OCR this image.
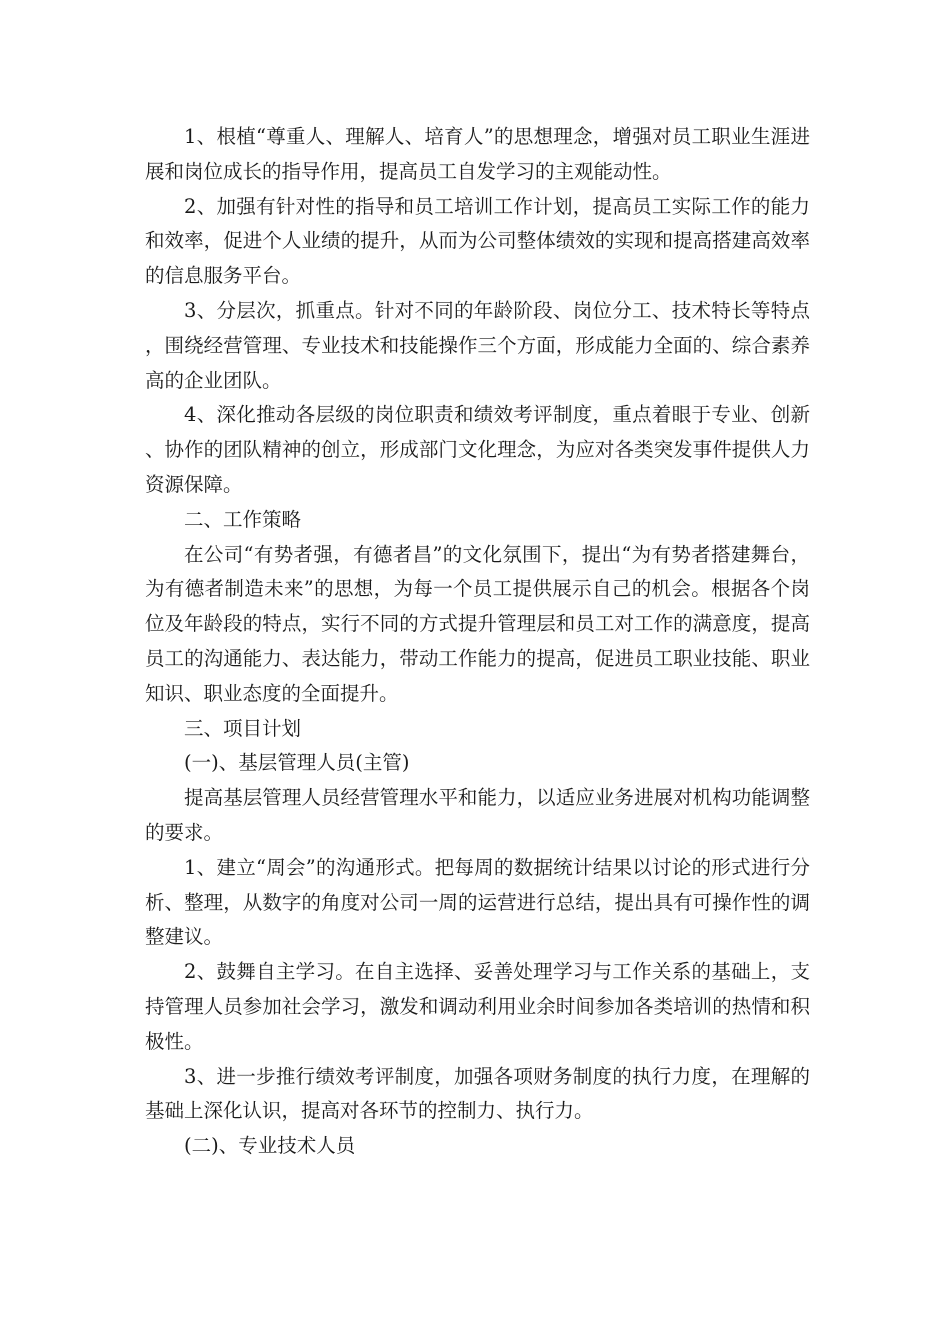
1、根植“尊重人、理解人、培育人”的思想理念，增强对员工职业生涯进展和岗位成长的指导作用，提高员工自发学习的主观能动性。

2、加强有针对性的指导和员工培训工作计划，提高员工实际工作的能力和效率，促进个人业绩的提升，从而为公司整体绩效的实现和提高搭建高效率的信息服务平台。

3、分层次，抓重点。针对不同的年龄阶段、岗位分工、技术特长等特点，围绕经营管理、专业技术和技能操作三个方面，形成能力全面的、综合素养高的企业团队。

4、深化推动各层级的岗位职责和绩效考评制度，重点着眼于专业、创新、协作的团队精神的创立，形成部门文化理念，为应对各类突发事件提供人力资源保障。

二、工作策略

在公司“有势者强，有德者昌”的文化氛围下，提出“为有势者搭建舞台，为有德者制造未来”的思想，为每一个员工提供展示自己的机会。根据各个岗位及年龄段的特点，实行不同的方式提升管理层和员工对工作的满意度，提高员工的沟通能力、表达能力，带动工作能力的提高，促进员工职业技能、职业知识、职业态度的全面提升。

三、项目计划

(一)、基层管理人员(主管)

提高基层管理人员经营管理水平和能力，以适应业务进展对机构功能调整的要求。

1、建立“周会”的沟通形式。把每周的数据统计结果以讨论的形式进行分析、整理，从数字的角度对公司一周的运营进行总结，提出具有可操作性的调整建议。

2、鼓舞自主学习。在自主选择、妥善处理学习与工作关系的基础上，支持管理人员参加社会学习，激发和调动利用业余时间参加各类培训的热情和积极性。

3、进一步推行绩效考评制度，加强各项财务制度的执行力度，在理解的基础上深化认识，提高对各环节的控制力、执行力。

(二)、专业技术人员
